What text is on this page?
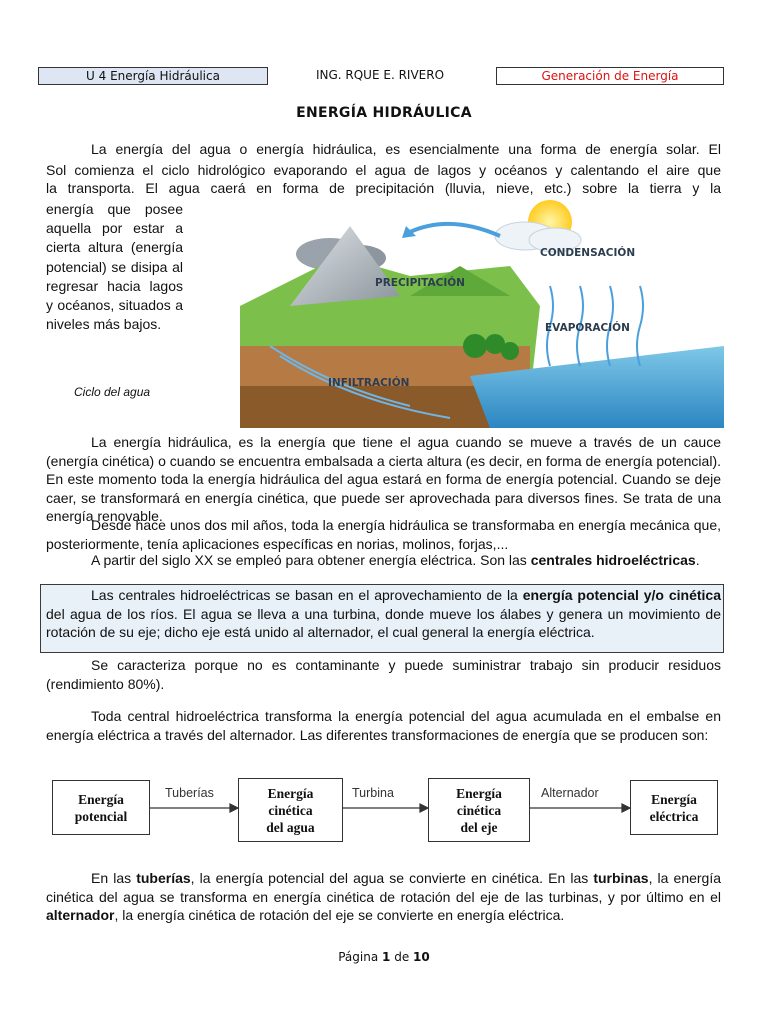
U 4 Energía Hidráulica	ING. RQUE E. RIVERO	Generación de Energía
ENERGÍA HIDRÁULICA
La energía del agua o energía hidráulica, es esencialmente una forma de energía solar. El
Sol comienza el ciclo hidrológico evaporando el agua de lagos y océanos y calentando el aire que
la transporta. El agua caerá en forma de precipitación (lluvia, nieve, etc.) sobre la tierra y la
energía que posee aquella por estar a cierta altura (energía potencial) se disipa al regresar hacia lagos y océanos, situados a niveles más bajos.
Ciclo del agua
CONDENSACIÓN
PRECIPITACIÓN
EVAPORACIÓN
INFILTRACIÓN
La energía hidráulica, es la energía que tiene el agua cuando se mueve a través de un cauce (energía cinética) o cuando se encuentra embalsada a cierta altura (es decir, en forma de energía potencial). En este momento toda la energía hidráulica del agua estará en forma de energía potencial. Cuando se deje caer, se transformará en energía cinética, que puede ser aprovechada para diversos fines. Se trata de una energía renovable.
Desde hace unos dos mil años, toda la energía hidráulica se transformaba en energía mecánica que, posteriormente, tenía aplicaciones específicas en norias, molinos, forjas,...
A partir del siglo XX se empleó para obtener energía eléctrica. Son las centrales hidroeléctricas.
Las centrales hidroeléctricas se basan en el aprovechamiento de la energía potencial y/o cinética del agua de los ríos. El agua se lleva a una turbina, donde mueve los álabes y genera un movimiento de rotación de su eje; dicho eje está unido al alternador, el cual general la energía eléctrica.
Se caracteriza porque no es contaminante y puede suministrar trabajo sin producir residuos (rendimiento 80%).
Toda central hidroeléctrica transforma la energía potencial del agua acumulada en el embalse en energía eléctrica a través del alternador. Las diferentes transformaciones de energía que se producen son:
Energía
potencial
Energía
cinética
del agua
Energía
cinética
del eje
Energía
eléctrica
Tuberías	Turbina	Alternador
En las tuberías, la energía potencial del agua se convierte en cinética. En las turbinas, la energía cinética del agua se transforma en energía cinética de rotación del eje de las turbinas, y por último en el alternador, la energía cinética de rotación del eje se convierte en energía eléctrica.
Página 1 de 10
